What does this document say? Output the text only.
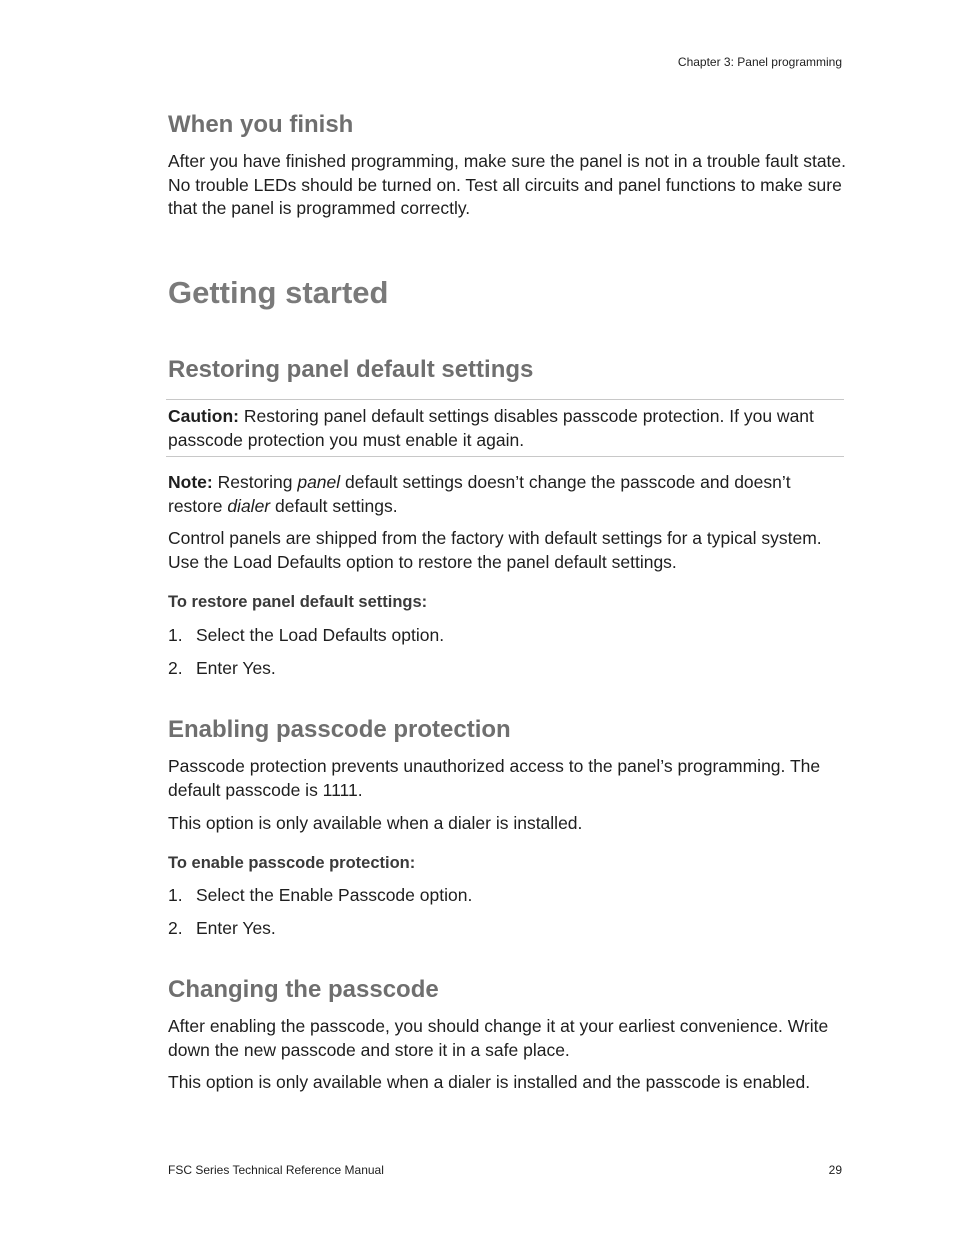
Chapter 3: Panel programming
When you finish
After you have finished programming, make sure the panel is not in a trouble fault state. No trouble LEDs should be turned on. Test all circuits and panel functions to make sure that the panel is programmed correctly.
Getting started
Restoring panel default settings
Caution: Restoring panel default settings disables passcode protection. If you want passcode protection you must enable it again.
Note: Restoring panel default settings doesn’t change the passcode and doesn’t restore dialer default settings.
Control panels are shipped from the factory with default settings for a typical system. Use the Load Defaults option to restore the panel default settings.
To restore panel default settings:
1. Select the Load Defaults option.
2. Enter Yes.
Enabling passcode protection
Passcode protection prevents unauthorized access to the panel’s programming. The default passcode is 1111.
This option is only available when a dialer is installed.
To enable passcode protection:
1. Select the Enable Passcode option.
2. Enter Yes.
Changing the passcode
After enabling the passcode, you should change it at your earliest convenience. Write down the new passcode and store it in a safe place.
This option is only available when a dialer is installed and the passcode is enabled.
FSC Series Technical Reference Manual	29
